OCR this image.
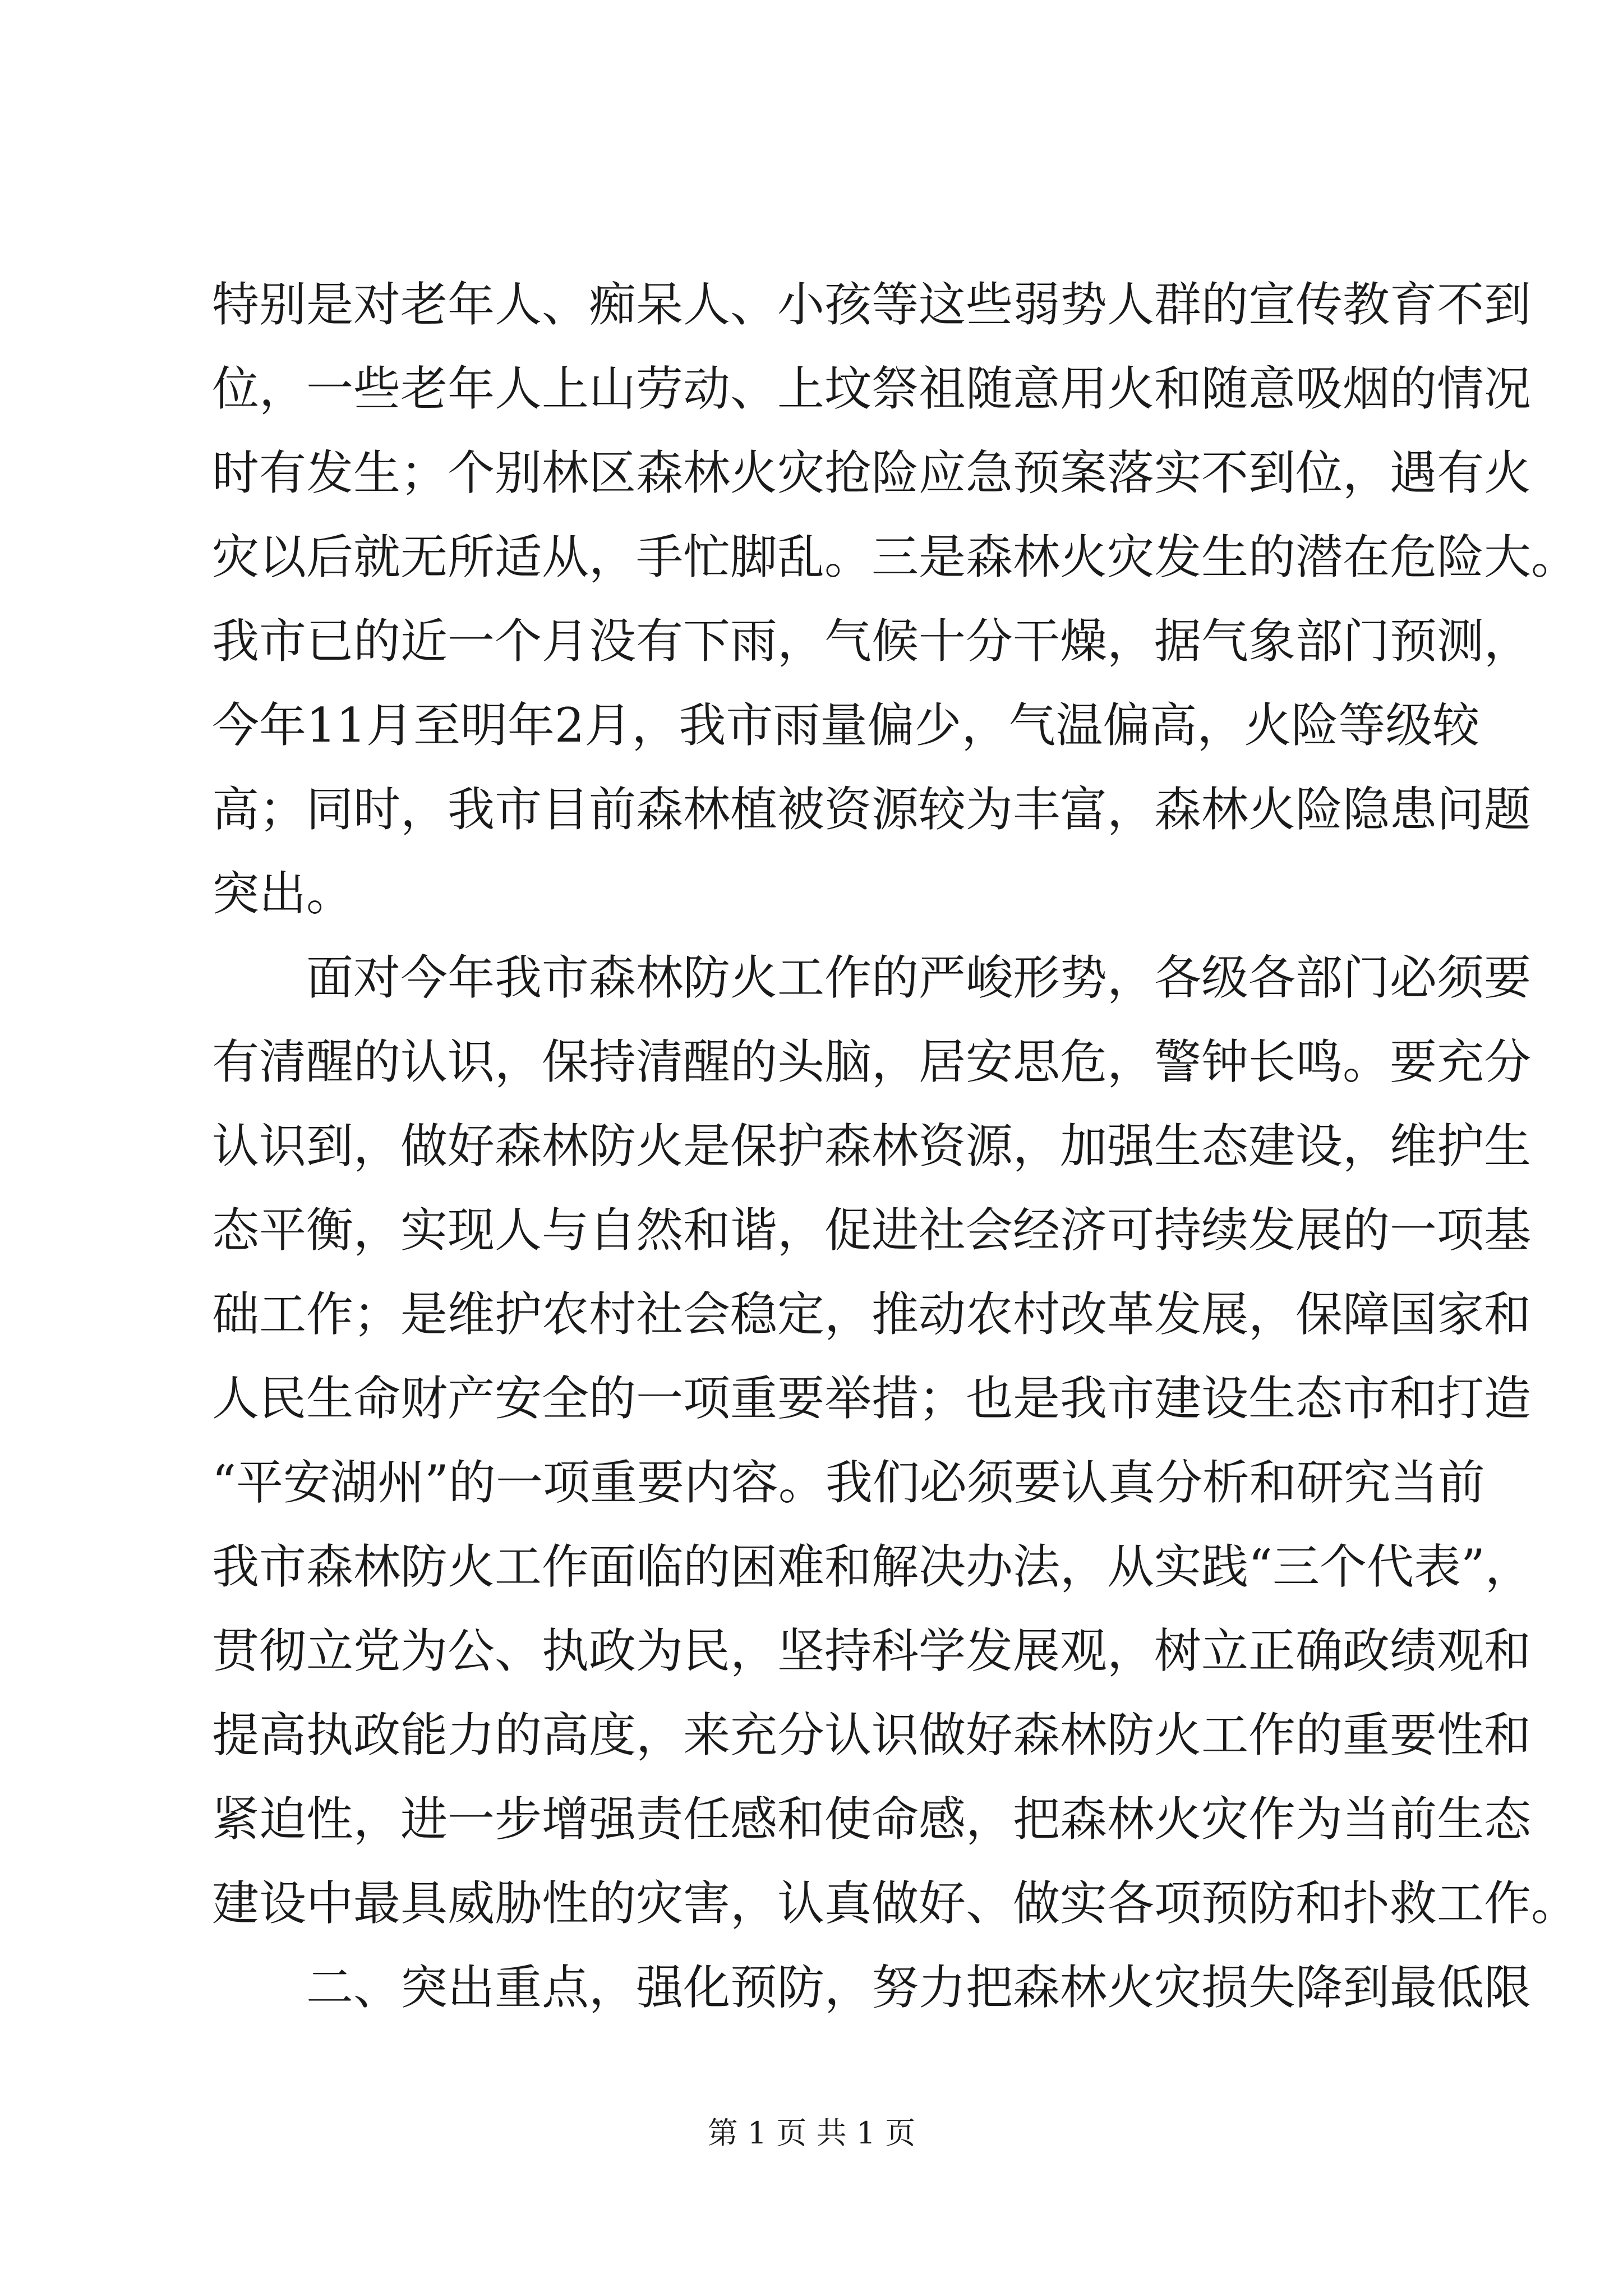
特别是对老年人、痴呆人、小孩等这些弱势人群的宣传教育不到
位，一些老年人上山劳动、上坟祭祖随意用火和随意吸烟的情况
时有发生；个别林区森林火灾抢险应急预案落实不到位，遇有火
灾以后就无所适从，手忙脚乱。三是森林火灾发生的潜在危险大。
我市已的近一个月没有下雨，气候十分干燥，据气象部门预测，
今年11月至明年2月，我市雨量偏少，气温偏高，火险等级较
高；同时，我市目前森林植被资源较为丰富，森林火险隐患问题
突出。
面对今年我市森林防火工作的严峻形势，各级各部门必须要
有清醒的认识，保持清醒的头脑，居安思危，警钟长鸣。要充分
认识到，做好森林防火是保护森林资源，加强生态建设，维护生
态平衡，实现人与自然和谐，促进社会经济可持续发展的一项基
础工作；是维护农村社会稳定，推动农村改革发展，保障国家和
人民生命财产安全的一项重要举措；也是我市建设生态市和打造
“平安湖州”的一项重要内容。我们必须要认真分析和研究当前
我市森林防火工作面临的困难和解决办法，从实践“三个代表”，
贯彻立党为公、执政为民，坚持科学发展观，树立正确政绩观和
提高执政能力的高度，来充分认识做好森林防火工作的重要性和
紧迫性，进一步增强责任感和使命感，把森林火灾作为当前生态
建设中最具威胁性的灾害，认真做好、做实各项预防和扑救工作。
二、突出重点，强化预防，努力把森林火灾损失降到最低限
第 1 页 共 1 页
